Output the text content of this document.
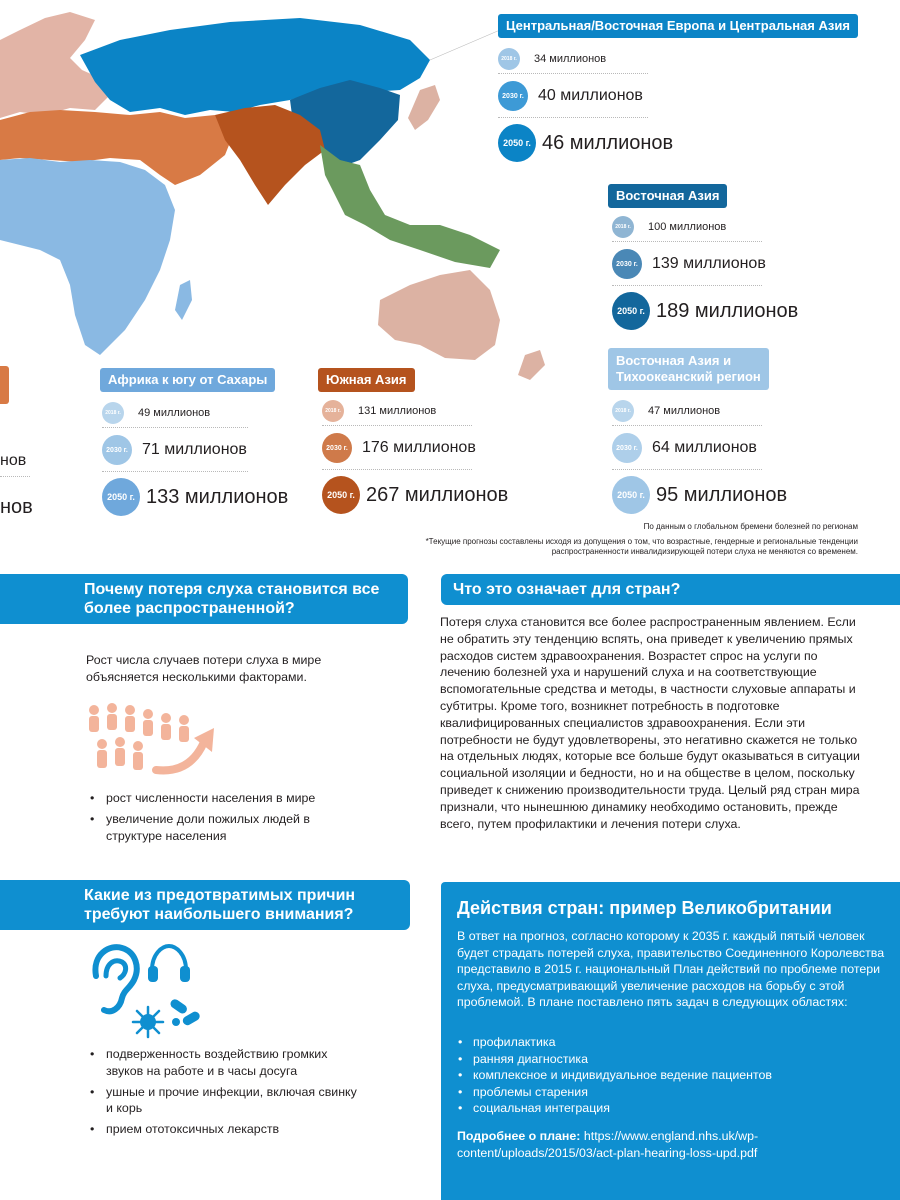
Центральная/Восточная Европа и Центральная Азия
2018 г. 34 миллионов
2030 г. 40 миллионов
2050 г. 46 миллионов
Восточная Азия
2018 г. 100 миллионов
2030 г. 139 миллионов
2050 г. 189 миллионов
Восточная Азия и
Тихоокеанский регион
2018 г. 47 миллионов
2030 г. 64 миллионов
2050 г. 95 миллионов
Африка к югу от Сахары
2018 г. 49 миллионов
2030 г. 71 миллионов
2050 г. 133 миллионов
Южная Азия
2018 г. 131 миллионов
2030 г. 176 миллионов
2050 г. 267 миллионов
нов
нов
По данным о глобальном бремени болезней по регионам
*Текущие прогнозы составлены исходя из допущения о том, что возрастные, гендерные и региональные тенденции
распространенности инвалидизирующей потери слуха не меняются со временем.
Почему потеря слуха становится все
более распространенной?
Рост числа случаев потери слуха в мире
объясняется несколькими факторами.
• рост численности населения в мире
• увеличение доли пожилых людей в структуре населения
Что это означает для стран?
Потеря слуха становится все более распространенным явлением. Если не обратить эту тенденцию вспять, она приведет к увеличению прямых расходов систем здравоохранения. Возрастет спрос на услуги по лечению болезней уха и нарушений слуха и на соответствующие вспомогательные средства и методы, в частности слуховые аппараты и субтитры. Кроме того, возникнет потребность в подготовке квалифицированных специалистов здравоохранения. Если эти потребности не будут удовлетворены, это негативно скажется не только на отдельных людях, которые все больше будут оказываться в ситуации социальной изоляции и бедности, но и на обществе в целом, поскольку приведет к снижению производительности труда. Целый ряд стран мира признали, что нынешнюю динамику необходимо остановить, прежде всего, путем профилактики и лечения потери слуха.
Какие из предотвратимых причин
требуют наибольшего внимания?
• подверженность воздействию громких звуков на работе и в часы досуга
• ушные и прочие инфекции, включая свинку и корь
• прием ототоксичных лекарств
Действия стран: пример Великобритании
В ответ на прогноз, согласно которому к 2035 г. каждый пятый человек будет страдать потерей слуха, правительство Соединенного Королевства представило в 2015 г. национальный План действий по проблеме потери слуха, предусматривающий увеличение расходов на борьбу с этой проблемой. В плане поставлено пять задач в следующих областях:
• профилактика
• ранняя диагностика
• комплексное и индивидуальное ведение пациентов
• проблемы старения
• социальная интеграция
Подробнее о плане: https://www.england.nhs.uk/wp-content/uploads/2015/03/act-plan-hearing-loss-upd.pdf
